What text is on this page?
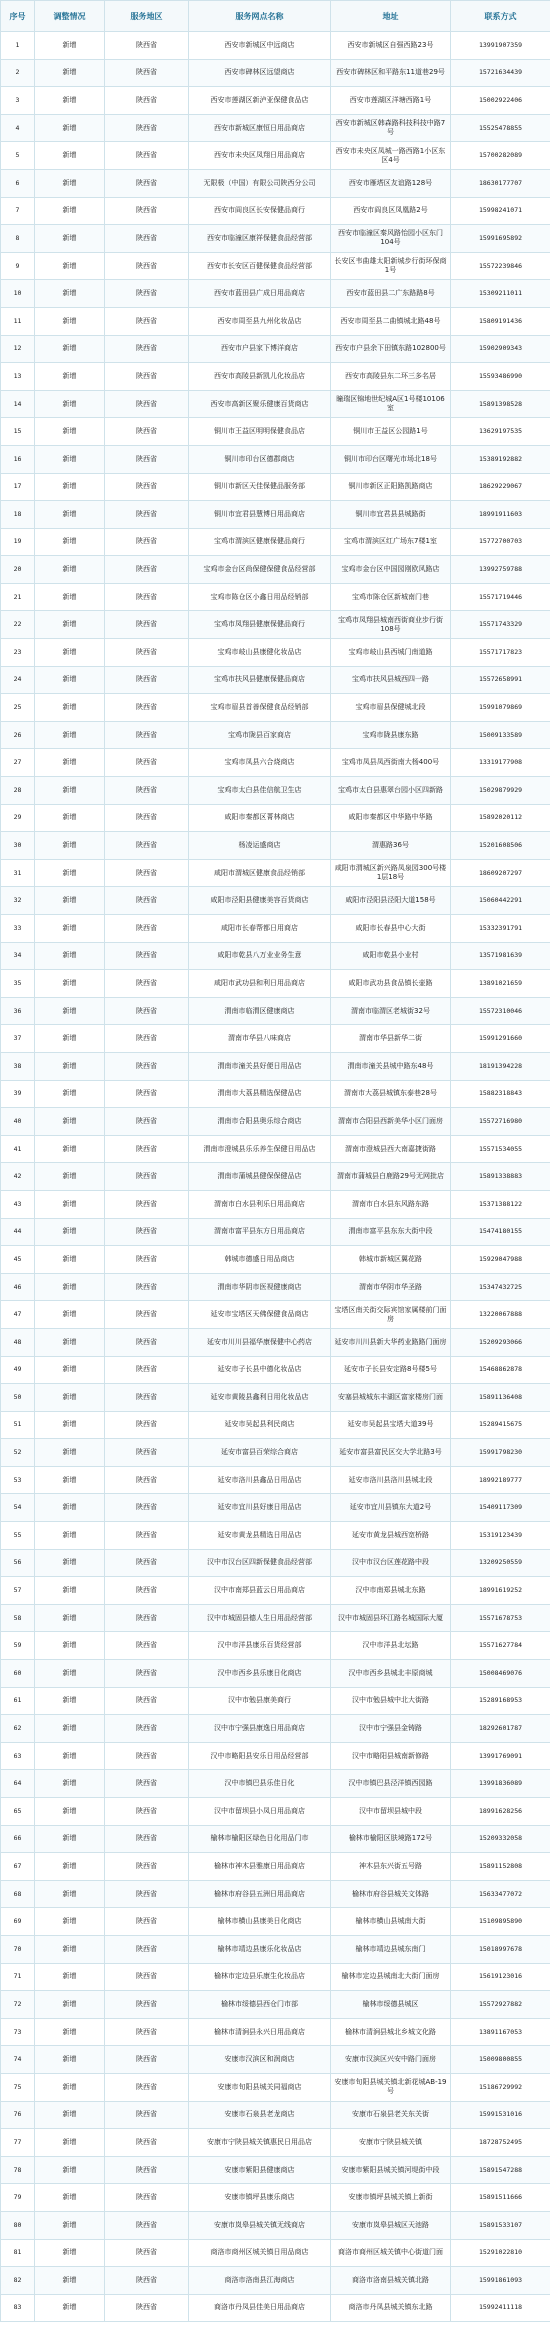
序号	调整情况	服务地区	服务网点名称	地址	联系方式
1	新增	陕西省	西安市新城区中远商店	西安市新城区自强西路23号	13991907359
2	新增	陕西省	西安市碑林区远望商店	西安市碑林区和平路东11道巷29号	15721634439
3	新增	陕西省	西安市莲湖区新泸亚保健食品店	西安市莲湖区洋塘西路1号	15002922406
4	新增	陕西省	西安市新城区康恒日用品商店	西安市新城区韩森路科技科技中路7号	15525478855
5	新增	陕西省	西安市未央区凤翔日用品商店	西安市未央区凤城一路西路1小区东区4号	15700282089
6	新增	陕西省	无限极（中国）有限公司陕西分公司	西安市雁塔区友谊路128号	18630177707
7	新增	陕西省	西安市阎良区长安保健品商行	西安市阎良区凤凰路2号	15998241071
8	新增	陕西省	西安市临潼区康祥保健食品经营部	西安市临潼区秦风路怡园小区东门104号	15991695892
9	新增	陕西省	西安市长安区百健保健食品经营部	长安区韦曲雄太阳新城步行街环保商1号	15572239846
10	新增	陕西省	西安市蓝田县广成日用品商店	西安市蓝田县二广东路路8号	15309211011
11	新增	陕西省	西安市周至县九州化妆品店	西安市周至县二曲镇城北路48号	15809191436
12	新增	陕西省	西安市户县家下博洋商店	西安市户县余下田镇东路102800号	15902909343
13	新增	陕西省	西安市高陵县新凯儿化妆品店	西安市高陵县东二环三多名居	15593486990
14	新增	陕西省	西安市高新区聚乐健康百货商店	瞳瑞区锦地世纪城A区1号楼10106室	15891398528
15	新增	陕西省	铜川市王益区明明保健食品店	铜川市王益区公园路1号	13629197535
16	新增	陕西省	铜川市印台区德郡商店	铜川市印台区曙光市场北18号	15389192882
17	新增	陕西省	铜川市新区天佳保健品服务部	铜川市新区正阳路凯路商店	18629229067
18	新增	陕西省	铜川市宜君县慧博日用品商店	铜川市宜君县县城路街	18991911603
19	新增	陕西省	宝鸡市渭滨区健康保健品商行	宝鸡市渭滨区红广场东7楼1室	15772700703
20	新增	陕西省	宝鸡市金台区尚保健保健食品经营部	宝鸡市金台区中国园刚欧风路店	13992759788
21	新增	陕西省	宝鸡市陈仓区小鑫日用品经销部	宝鸡市陈仓区新城南门巷	15571719446
22	新增	陕西省	宝鸡市凤翔县健康保健品商行	宝鸡市凤翔县城南西街商业步行街108号	15571743329
23	新增	陕西省	宝鸡市岐山县康健化妆品店	宝鸡市岐山县西城门南道路	15571717823
24	新增	陕西省	宝鸡市扶风县健康保健品商店	宝鸡市扶风县城西四一路	15572658991
25	新增	陕西省	宝鸡市眉县首善保健食品经销部	宝鸡市眉县保健城北段	15991079869
26	新增	陕西省	宝鸡市陇县百家商店	宝鸡市陇县康东路	15009133589
27	新增	陕西省	宝鸡市凤县六合烧商店	宝鸡市凤县凤西街南大杨400号	13319177908
28	新增	陕西省	宝鸡市太白县佳信航卫生店	宝鸡市太白县惠翠台园小区四新路	15029879929
29	新增	陕西省	咸阳市秦都区菁林商店	咸阳市秦都区中华路中华路	15892020112
30	新增	陕西省	杨凌运盛商店	渭惠路36号	15201608506
31	新增	陕西省	咸阳市渭城区健康食品经销部	咸阳市渭城区新兴路凤泉园300号楼1层18号	18609207297
32	新增	陕西省	咸阳市泾阳县健康美容百货商店	咸阳市泾阳县泾阳大道158号	15060442291
33	新增	陕西省	咸阳市长春帮都日用商店	咸阳市长春县中心大街	15332391791
34	新增	陕西省	咸阳市乾县八万业业务生意	咸阳市乾县小业村	13571981639
35	新增	陕西省	咸阳市武功县和利日用品商店	咸阳市武功县食品镇长壶路	13891021659
36	新增	陕西省	渭南市临渭区健康商店	渭南市临渭区老城街32号	15572310046
37	新增	陕西省	渭南市华县八味商店	渭南市华县新华二街	15991291660
38	新增	陕西省	渭南市潼关县好便日用品店	渭南市潼关县城中路东48号	18191394228
39	新增	陕西省	渭南市大荔县精选保健品店	渭南市大荔县城镇东泰巷28号	15882318843
40	新增	陕西省	渭南市合阳县奥乐综合商店	渭南市合阳县西新美华小区门面房	15572716980
41	新增	陕西省	渭南市澄城县乐乐养生保健日用品店	渭南市澄城县西大南嘉捷街路	15571534055
42	新增	陕西省	渭南市蒲城县健保保健品店	渭南市蒲城县白鹿路29号无网批店	15891338883
43	新增	陕西省	渭南市白水县利乐日用品商店	渭南市白水县东风路东路	15371388122
44	新增	陕西省	渭南市富平县东方日用品商店	渭南市富平县东东大街中段	15474180155
45	新增	陕西省	韩城市德盛日用品商店	韩城市新城区翼花路	15929047988
46	新增	陕西省	渭南市华阴市医视健康商店	渭南市华阴市华圣路	15347432725
47	新增	陕西省	延安市宝塔区天佛保健食品商店	宝塔区南关街交际宾馆家属楼前门面房	13220067888
48	新增	陕西省	延安市川川县福华康保健中心药店	延安市川川县新大华药业路路门面房	15209293066
49	新增	陕西省	延安市子长县中德化妆品店	延安市子长县安定路8号楼5号	15468862878
50	新增	陕西省	延安市黄陵县鑫利日用化妆品店	安塞县城城东丰湖区富家楼房门面	15891136408
51	新增	陕西省	延安市吴起县利民商店	延安市吴起县宝塔大道39号	15289415675
52	新增	陕西省	延安市富县百荣综合商店	延安市富县富民区交大学北路3号	15991798230
53	新增	陕西省	延安市洛川县鑫品日用品店	延安市洛川县洛川县城北段	18992189777
54	新增	陕西省	延安市宜川县好康日用品店	延安市宜川县镇东大道2号	15409117309
55	新增	陕西省	延安市黄龙县精选日用品店	延安市黄龙县城西宽桥路	15319123439
56	新增	陕西省	汉中市汉台区四新保健食品经营部	汉中市汉台区莲花路中段	13209250559
57	新增	陕西省	汉中市南郑县蓝云日用品商店	汉中市南郑县城北东路	18991619252
58	新增	陕西省	汉中市城固县德人生日用品经营部	汉中市城固县环江路名城国际大厦	15571678753
59	新增	陕西省	汉中市洋县康乐百货经营部	汉中市洋县北坛路	15571627784
60	新增	陕西省	汉中市西乡县乐康日化商店	汉中市西乡县城北丰原商城	15008469076
61	新增	陕西省	汉中市勉县康美商行	汉中市勉县城中北大街路	15289168953
62	新增	陕西省	汉中市宁强县康逸日用品商店	汉中市宁强县金铸路	18292601787
63	新增	陕西省	汉中市略阳县安乐日用品经营部	汉中市略阳县城南新修路	13991769091
64	新增	陕西省	汉中市镇巴县乐佳日化	汉中市镇巴县泾洋镇西园路	13991836089
65	新增	陕西省	汉中市留坝县小凤日用品商店	汉中市留坝县城中段	18991628256
66	新增	陕西省	榆林市榆阳区绿色日化用品门市	榆林市榆阳区肤境路172号	15209332058
67	新增	陕西省	榆林市神木县雅康日用品商店	神木县东兴街五号路	15891152808
68	新增	陕西省	榆林市府谷县五洲日用品商店	榆林市府谷县城关文体路	15633477072
69	新增	陕西省	榆林市横山县康美日化商店	榆林市横山县城南大街	15109895890
70	新增	陕西省	榆林市靖边县康乐化妆品店	榆林市靖边县城东南门	15018997678
71	新增	陕西省	榆林市定边县乐康生化妆品店	榆林市定边县城南北大街门面房	15619123016
72	新增	陕西省	榆林市绥德县西仓门市部	榆林市绥德县城区	15572927882
73	新增	陕西省	榆林市清涧县永兴日用品商店	榆林市清涧县城北乡城文化路	13891167053
74	新增	陕西省	安康市汉滨区和润商店	安康市汉滨区兴安中路门面房	15009800855
75	新增	陕西省	安康市旬阳县城关同福商店	安康市旬阳县城关镇北新花城AB-19号	15186729992
76	新增	陕西省	安康市石泉县老龙商店	安康市石泉县老关东关街	15991531016
77	新增	陕西省	安康市宁陕县城关镇惠民日用品店	安康市宁陕县城关镇	18728752495
78	新增	陕西省	安康市紫阳县健康商店	安康市紫阳县城关镇河堤街中段	15891547288
79	新增	陕西省	安康市镇坪县康乐商店	安康市镇坪县城关镇上新街	15891511666
80	新增	陕西省	安康市岚皋县城关镇无线商店	安康市岚皋县城区天池路	15891533107
81	新增	陕西省	商洛市商州区城关镇日用品商店	商洛市商州区城关镇中心街道门面	15291022810
82	新增	陕西省	商洛市洛南县江海商店	商洛市洛南县城关镇北路	15991861093
83	新增	陕西省	商洛市丹凤县佳美日用品商店	商洛市丹凤县城关镇东北路	15992411118
